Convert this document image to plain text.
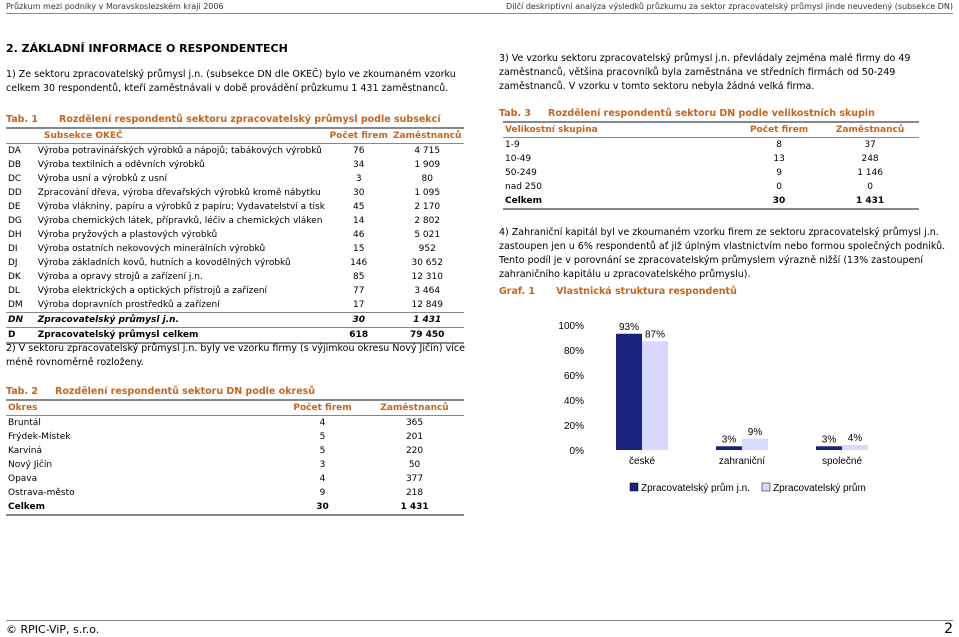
Průzkum mezi podniky v Moravskoslezském kraji 2006	Dílčí deskriptivní analýza výsledků průzkumu za sektor zpracovatelský průmysl jinde neuvedený (subsekce DN)
2. ZÁKLADNÍ INFORMACE O RESPONDENTECH
1) Ze sektoru zpracovatelský průmysl j.n. (subsekce DN dle OKEČ) bylo ve zkoumaném vzorku celkem 30 respondentů, kteří zaměstnávali v době provádění průzkumu 1 431 zaměstnanců.
Tab. 1 Rozdělení respondentů sektoru zpracovatelský průmysl podle subsekcí
Subsekce OKEČ		Počet firem	Zaměstnanců
DA	Výroba potravinářských výrobků a nápojů; tabákových výrobků	76	4 715
DB	Výroba textilních a oděvních výrobků	34	1 909
DC	Výroba usní a výrobků z usní	3	80
DD	Zpracování dřeva, výroba dřevařských výrobků kromě nábytku	30	1 095
DE	Výroba vlákniny, papíru a výrobků z papíru; Vydavatelství a tisk	45	2 170
DG	Výroba chemických látek, přípravků, léčiv a chemických vláken	14	2 802
DH	Výroba pryžových a plastových výrobků	46	5 021
DI	Výroba ostatních nekovových minerálních výrobků	15	952
DJ	Výroba základních kovů, hutních a kovodělných výrobků	146	30 652
DK	Výroba a opravy strojů a zařízení j.n.	85	12 310
DL	Výroba elektrických a optických přístrojů a zařízení	77	3 464
DM	Výroba dopravních prostředků a zařízení	17	12 849
DN	Zpracovatelský průmysl j.n.	30	1 431
D	Zpracovatelský průmysl celkem	618	79 450
2) V sektoru zpracovatelský průmysl j.n. byly ve vzorku firmy (s výjimkou okresu Nový Jičín) více méně rovnoměrně rozloženy.
Tab. 2 Rozdělení respondentů sektoru DN podle okresů
Okres	Počet firem	Zaměstnanců
Bruntál	4	365
Frýdek-Místek	5	201
Karviná	5	220
Nový Jičín	3	50
Opava	4	377
Ostrava-město	9	218
Celkem	30	1 431
3) Ve vzorku sektoru zpracovatelský průmysl j.n. převládaly zejména malé firmy do 49 zaměstnanců, většina pracovníků byla zaměstnána ve středních firmách od 50-249 zaměstnanců. V vzorku v tomto sektoru nebyla žádná velká firma.
Tab. 3 Rozdělení respondentů sektoru DN podle velikostních skupin
Velikostní skupina	Počet firem	Zaměstnanců
1-9	8	37
10-49	13	248
50-249	9	1 146
nad 250	0	0
Celkem	30	1 431
4) Zahraniční kapitál byl ve zkoumaném vzorku firem ze sektoru zpracovatelský průmysl j.n. zastoupen jen u 6% respondentů ať již úplným vlastnictvím nebo formou společných podniků. Tento podíl je v porovnání se zpracovatelským průmyslem výrazně nižší (13% zastoupení zahraničního kapitálu u zpracovatelského průmyslu).
Graf. 1 Vlastnická struktura respondentů
0%
20%
40%
60%
80%
100%
české
93%
87%
zahraniční
3%
9%
společné
3% 4%
Zpracovatelský prům j.n. Zpracovatelský prům
© RPIC-ViP, s.r.o.	2
